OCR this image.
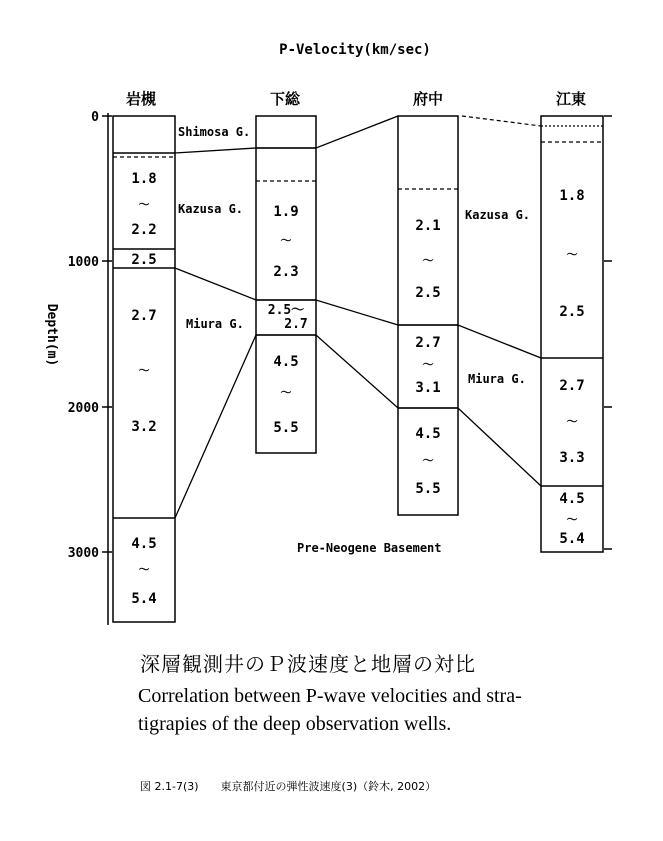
P-Velocity(km/sec)
岩槻	下総	府中	江東
0
1000
2000
3000
Depth(m)
Shimosa G.
Kazusa G.	Kazusa G.
Miura G.
Miura G.
Pre-Neogene Basement
1.8
〜
2.2
2.5
2.7
〜
3.2
4.5
〜
5.4
1.9
〜
2.3
2.5〜
2.7
4.5
〜
5.5
2.1
〜
2.5
2.7
〜
3.1
4.5
〜
5.5
1.8
〜
2.5
2.7
〜
3.3
4.5
〜
5.4
深層観測井のＰ波速度と地層の対比
Correlation between P-wave velocities and stra-
tigrapies of the deep observation wells.
図 2.1-7(3)　　東京都付近の弾性波速度(3)（鈴木, 2002）
